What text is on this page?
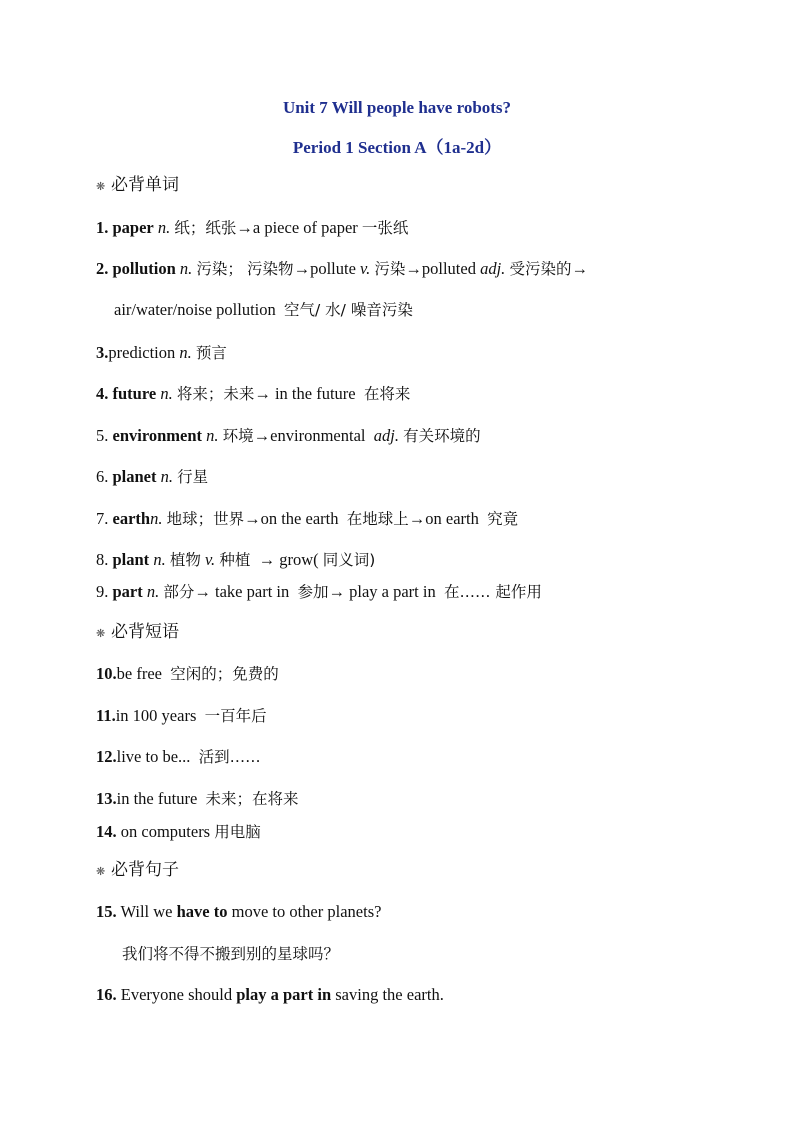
Unit 7 Will people have robots?
Period 1 Section A（1a-2d）
❋ 必背单词
1. paper n. 纸；纸张→a piece of paper 一张纸
2. pollution n. 污染； 污染物→pollute v. 污染→polluted adj. 受污染的→
air/water/noise pollution 空气/ 水/ 噪音污染
3.prediction n. 预言
4. future n. 将来；未来→ in the future 在将来
5. environment n. 环境→environmental adj. 有关环境的
6. planet n. 行星
7. earthn. 地球；世界→on the earth 在地球上→on earth 究竟
8. plant n. 植物 v. 种植 → grow( 同义词)
9. part n. 部分→ take part in 参加→ play a part in 在…… 起作用
❋ 必背短语
10.be free 空闲的；免费的
11.in 100 years 一百年后
12.live to be... 活到……
13.in the future 未来；在将来
14. on computers 用电脑
❋ 必背句子
15. Will we have to move to other planets?
我们将不得不搬到别的星球吗？
16. Everyone should play a part in saving the earth.
